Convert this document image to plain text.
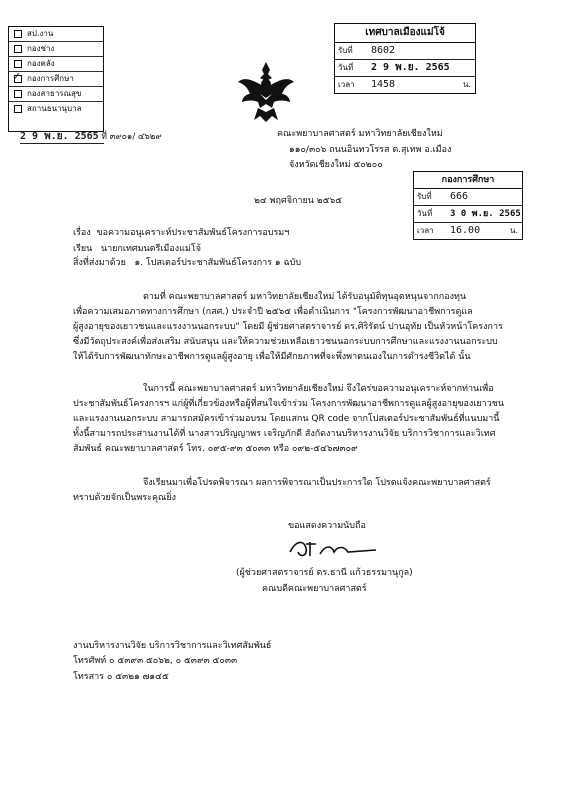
สป.งาน
กองช่าง
กองคลัง
✓ กองการศึกษา
กองสาธารณสุข
สถานธนานุบาล
2 9 พ.ย. 2565 ที่ ๓๙๐๑/ ๔๖๒๙
เทศบาลเมืองแม่โจ้
รับที่ 8602
วันที่ 2 9 พ.ย. 2565
เวลา 1458	น.
คณะพยาบาลศาสตร์ มหาวิทยาลัยเชียงใหม่
๑๑๐/๓๐๖ ถนนอินทวโรรส ต.สุเทพ อ.เมือง
จังหวัดเชียงใหม่ ๕๐๒๐๐
๒๔ พฤศจิกายน ๒๕๖๕
กองการศึกษา
รับที่ 666
วันที่ 3 0 พ.ย. 2565
เวลา 16.00	น.
เรื่อง ขอความอนุเคราะห์ประชาสัมพันธ์โครงการอบรมฯ
เรียน นายกเทศมนตรีเมืองแม่โจ้
สิ่งที่ส่งมาด้วย ๑. โปสเตอร์ประชาสัมพันธ์โครงการ ๑ ฉบับ
ตามที่ คณะพยาบาลศาสตร์ มหาวิทยาลัยเชียงใหม่ ได้รับอนุมัติทุนอุดหนุนจากกองทุน
เพื่อความเสมอภาคทางการศึกษา (กสศ.) ประจำปี ๒๕๖๕ เพื่อดำเนินการ "โครงการพัฒนาอาชีพการดูแล
ผู้สูงอายุของเยาวชนและแรงงานนอกระบบ" โดยมี ผู้ช่วยศาสตราจารย์ ดร.ศิริรัตน์ ปานอุทัย เป็นหัวหน้าโครงการ
ซึ่งมีวัตถุประสงค์เพื่อส่งเสริม สนับสนุน และให้ความช่วยเหลือเยาวชนนอกระบบการศึกษาและแรงงานนอกระบบ
ให้ได้รับการพัฒนาทักษะอาชีพการดูแลผู้สูงอายุ เพื่อให้มีศักยภาพที่จะพึ่งพาตนเองในการดำรงชีวิตได้ นั้น
ในการนี้ คณะพยาบาลศาสตร์ มหาวิทยาลัยเชียงใหม่ จึงใคร่ขอความอนุเคราะห์จากท่านเพื่อ
ประชาสัมพันธ์โครงการฯ แก่ผู้ที่เกี่ยวข้องหรือผู้ที่สนใจเข้าร่วม โครงการพัฒนาอาชีพการดูแลผู้สูงอายุของเยาวชน
และแรงงานนอกระบบ สามารถสมัครเข้าร่วมอบรม โดยแสกน QR code จากโปสเตอร์ประชาสัมพันธ์ที่แนบมานี้
ทั้งนี้สามารถประสานงานได้ที่ นางสาวปริญญาพร เจริญภักดี สังกัดงานบริหารงานวิจัย บริการวิชาการและวิเทศ
สัมพันธ์ คณะพยาบาลศาสตร์ โทร. ๐๙๕-๙๓ ๕๐๓๓ หรือ ๐๙๒-๕๔๖๗๓๐๙
จึงเรียนมาเพื่อโปรดพิจารณา ผลการพิจารณาเป็นประการใด โปรดแจ้งคณะพยาบาลศาสตร์
ทราบด้วยจักเป็นพระคุณยิ่ง
ขอแสดงความนับถือ
(ผู้ช่วยศาสตราจารย์ ดร.ธานี แก้วธรรมานุกูล)
คณบดีคณะพยาบาลศาสตร์
งานบริหารงานวิจัย บริการวิชาการและวิเทศสัมพันธ์
โทรศัพท์ ๐ ๕๓๙๓ ๕๐๖๒, ๐ ๕๓๙๓ ๕๐๓๓
โทรสาร ๐ ๕๓๒๑ ๗๑๔๕
